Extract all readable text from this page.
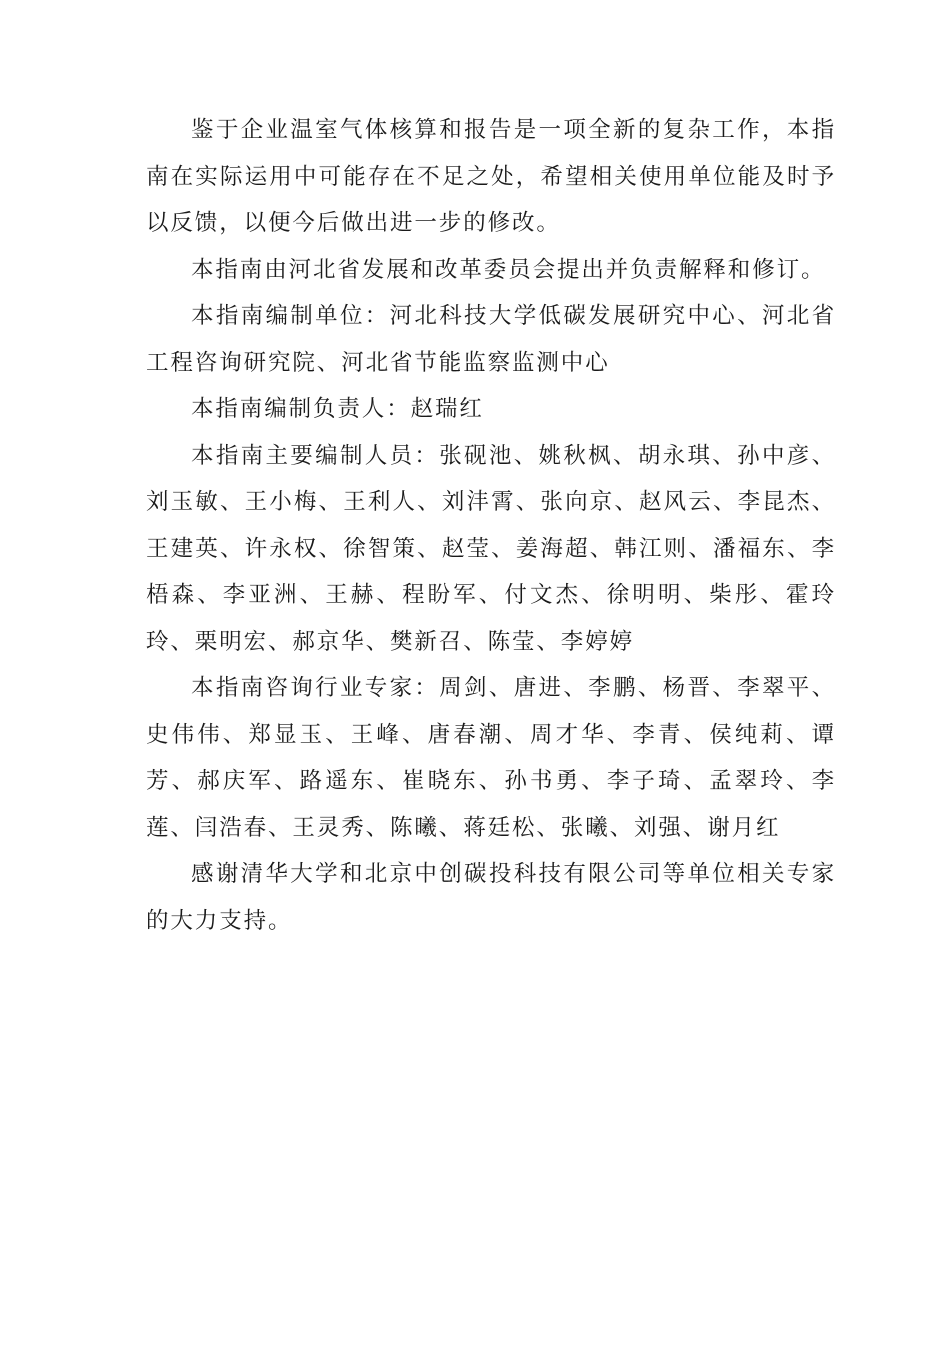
鉴于企业温室气体核算和报告是一项全新的复杂工作，本指南在实际运用中可能存在不足之处，希望相关使用单位能及时予以反馈，以便今后做出进一步的修改。

本指南由河北省发展和改革委员会提出并负责解释和修订。

本指南编制单位：河北科技大学低碳发展研究中心、河北省工程咨询研究院、河北省节能监察监测中心

本指南编制负责人：赵瑞红

本指南主要编制人员：张砚池、姚秋枫、胡永琪、孙中彦、刘玉敏、王小梅、王利人、刘沣霄、张向京、赵风云、李昆杰、王建英、许永权、徐智策、赵莹、姜海超、韩江则、潘福东、李梧森、李亚洲、王赫、程盼军、付文杰、徐明明、柴彤、霍玲玲、栗明宏、郝京华、樊新召、陈莹、李婷婷

本指南咨询行业专家：周剑、唐进、李鹏、杨晋、李翠平、史伟伟、郑显玉、王峰、唐春潮、周才华、李青、侯纯莉、谭芳、郝庆军、路遥东、崔晓东、孙书勇、李子琦、孟翠玲、李莲、闫浩春、王灵秀、陈曦、蒋廷松、张曦、刘强、谢月红

感谢清华大学和北京中创碳投科技有限公司等单位相关专家的大力支持。
